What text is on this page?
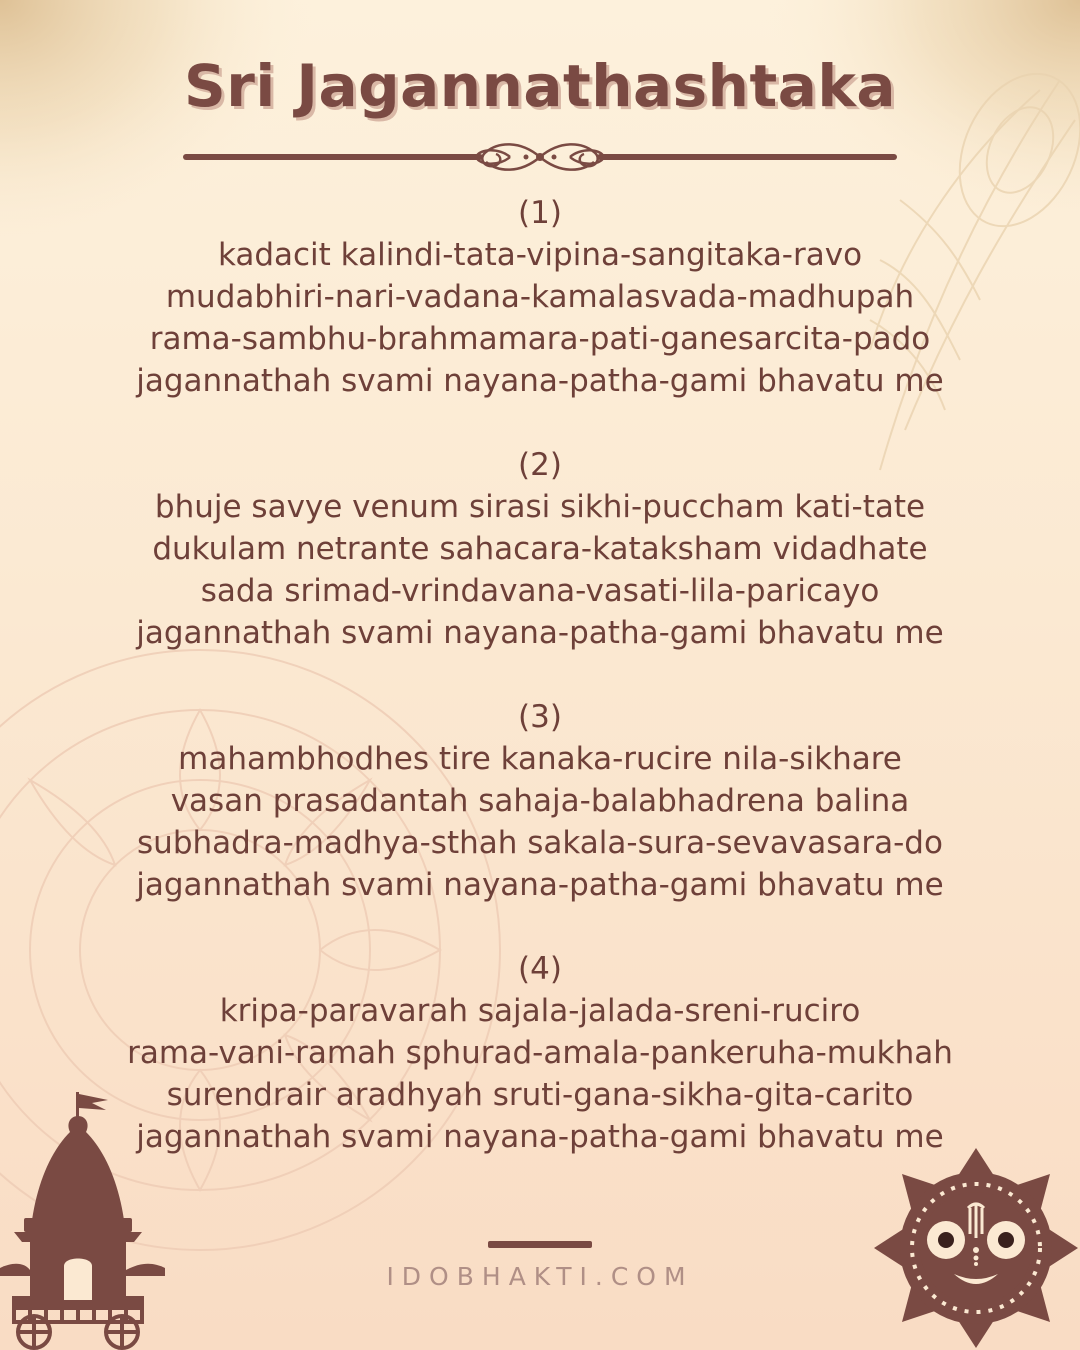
Sri Jagannathashtaka
(1)
kadacit kalindi-tata-vipina-sangitaka-ravo
mudabhiri-nari-vadana-kamalasvada-madhupah
rama-sambhu-brahmamara-pati-ganesarcita-pado
jagannathah svami nayana-patha-gami bhavatu me
(2)
bhuje savye venum sirasi sikhi-puccham kati-tate
dukulam netrante sahacara-kataksham vidadhate
sada srimad-vrindavana-vasati-lila-paricayo
jagannathah svami nayana-patha-gami bhavatu me
(3)
mahambhodhes tire kanaka-rucire nila-sikhare
vasan prasadantah sahaja-balabhadrena balina
subhadra-madhya-sthah sakala-sura-sevavasara-do
jagannathah svami nayana-patha-gami bhavatu me
(4)
kripa-paravarah sajala-jalada-sreni-ruciro
rama-vani-ramah sphurad-amala-pankeruha-mukhah
surendrair aradhyah sruti-gana-sikha-gita-carito
jagannathah svami nayana-patha-gami bhavatu me
IDOBHAKTI.COM
